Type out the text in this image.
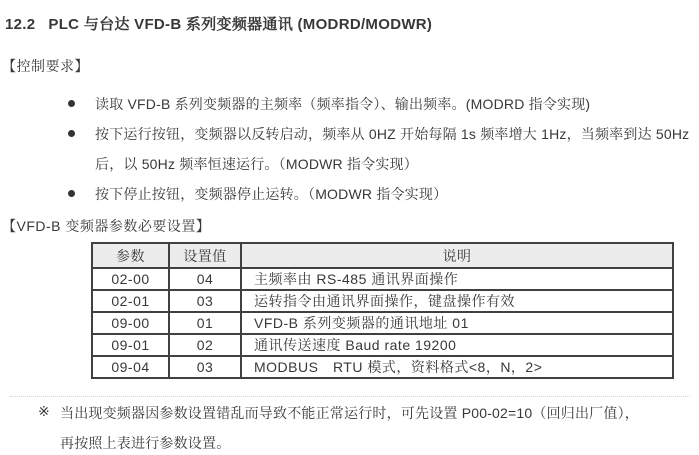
12.2 PLC 与台达 VFD-B 系列变频器通讯 (MODRD/MODWR)
【控制要求】
读取 VFD-B 系列变频器的主频率（频率指令）、输出频率。(MODRD 指令实现)
按下运行按钮，变频器以反转启动，频率从 0HZ 开始每隔 1s 频率增大 1Hz，当频率到达 50Hz
后，以 50Hz 频率恒速运行。（MODWR 指令实现）
按下停止按钮，变频器停止运转。（MODWR 指令实现）
【VFD-B 变频器参数必要设置】
参数	设置值	说明
02-00	04	主频率由 RS-485 通讯界面操作
02-01	03	运转指令由通讯界面操作，键盘操作有效
09-00	01	VFD-B 系列变频器的通讯地址 01
09-01	02	通讯传送速度 Baud rate 19200
09-04	03	MODBUS　RTU 模式，资料格式<8，N，2>
※ 当出现变频器因参数设置错乱而导致不能正常运行时，可先设置 P00-02=10（回归出厂值），
再按照上表进行参数设置。
